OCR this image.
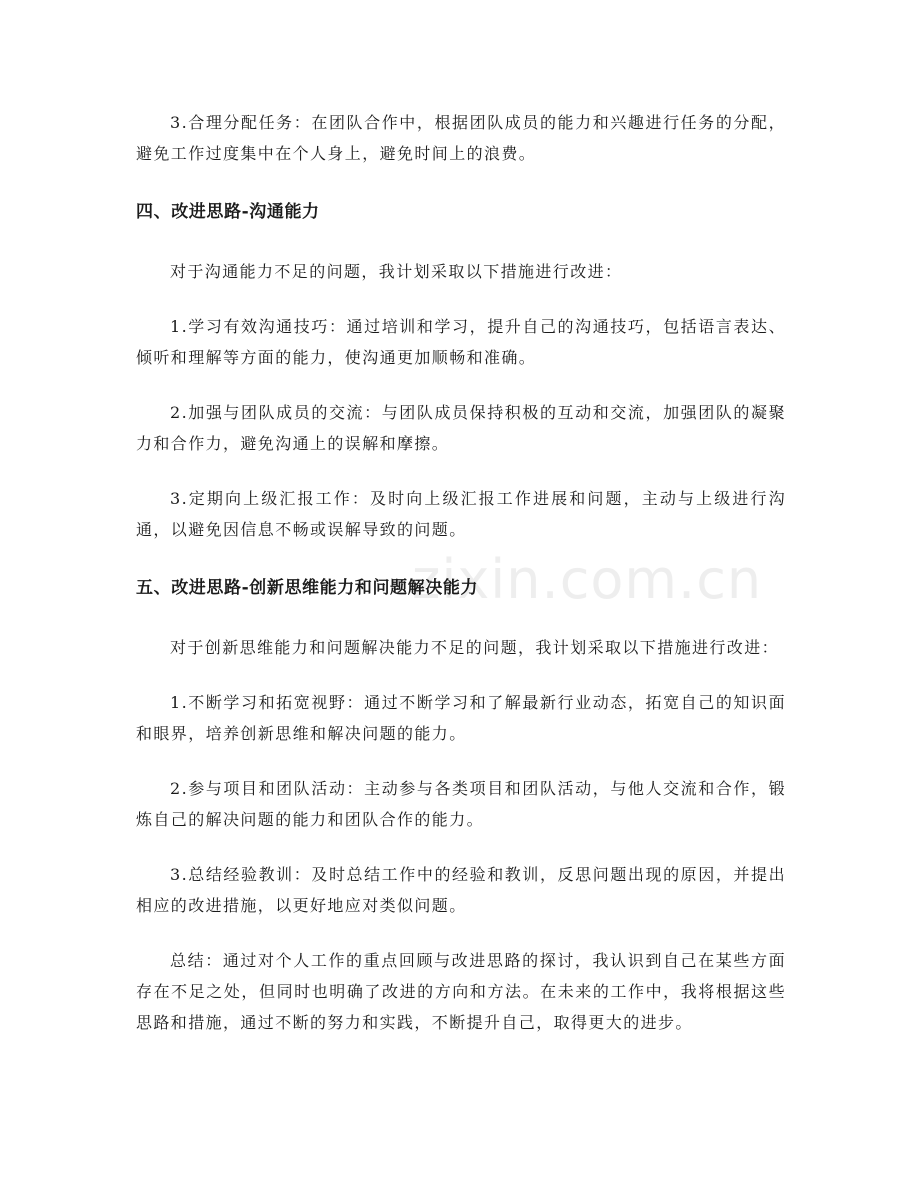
zixin.com.cn

3.合理分配任务：在团队合作中，根据团队成员的能力和兴趣进行任务的分配，避免工作过度集中在个人身上，避免时间上的浪费。

四、改进思路-沟通能力

对于沟通能力不足的问题，我计划采取以下措施进行改进：

1.学习有效沟通技巧：通过培训和学习，提升自己的沟通技巧，包括语言表达、倾听和理解等方面的能力，使沟通更加顺畅和准确。

2.加强与团队成员的交流：与团队成员保持积极的互动和交流，加强团队的凝聚力和合作力，避免沟通上的误解和摩擦。

3.定期向上级汇报工作：及时向上级汇报工作进展和问题，主动与上级进行沟通，以避免因信息不畅或误解导致的问题。

五、改进思路-创新思维能力和问题解决能力

对于创新思维能力和问题解决能力不足的问题，我计划采取以下措施进行改进：

1.不断学习和拓宽视野：通过不断学习和了解最新行业动态，拓宽自己的知识面和眼界，培养创新思维和解决问题的能力。

2.参与项目和团队活动：主动参与各类项目和团队活动，与他人交流和合作，锻炼自己的解决问题的能力和团队合作的能力。

3.总结经验教训：及时总结工作中的经验和教训，反思问题出现的原因，并提出相应的改进措施，以更好地应对类似问题。

总结：通过对个人工作的重点回顾与改进思路的探讨，我认识到自己在某些方面存在不足之处，但同时也明确了改进的方向和方法。在未来的工作中，我将根据这些思路和措施，通过不断的努力和实践，不断提升自己，取得更大的进步。
